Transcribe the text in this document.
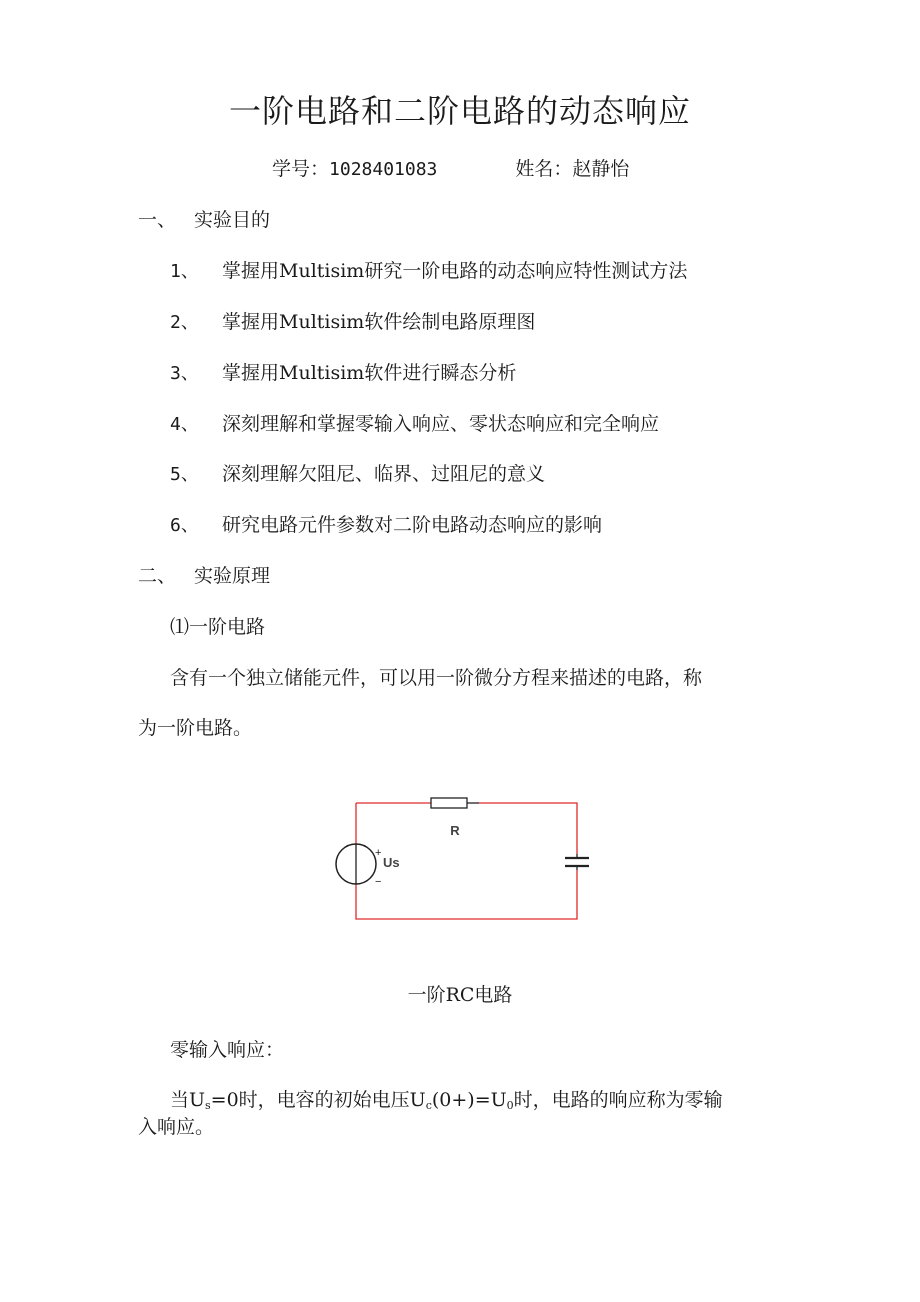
一阶电路和二阶电路的动态响应
学号：1028401083	姓名：赵静怡
一、 实验目的
1、 掌握用Multisim研究一阶电路的动态响应特性测试方法
2、 掌握用Multisim软件绘制电路原理图
3、 掌握用Multisim软件进行瞬态分析
4、 深刻理解和掌握零输入响应、零状态响应和完全响应
5、 深刻理解欠阻尼、临界、过阻尼的意义
6、 研究电路元件参数对二阶电路动态响应的影响
二、 实验原理
⑴一阶电路
含有一个独立储能元件，可以用一阶微分方程来描述的电路，称
为一阶电路。
R
+
−
Us
一阶RC电路
零输入响应：
当$U_s=0$时，电容的初始电压$U_c(0+)=U_0$时，电路的响应称为零输
入响应。
